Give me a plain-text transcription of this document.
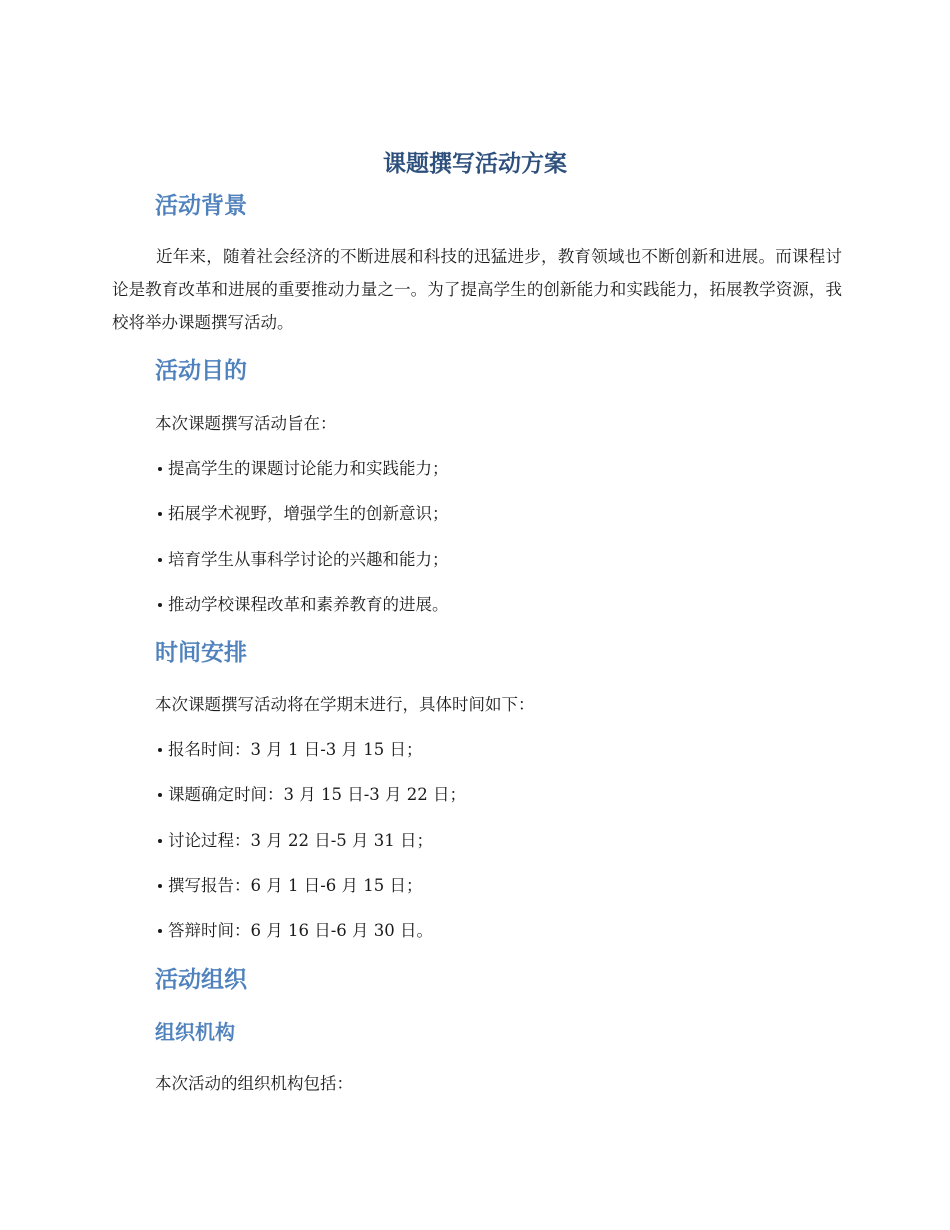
课题撰写活动方案
活动背景

近年来，随着社会经济的不断进展和科技的迅猛进步，教育领域也不断创新和进展。而课程讨论是教育改革和进展的重要推动力量之一。为了提高学生的创新能力和实践能力，拓展教学资源，我校将举办课题撰写活动。

活动目的

本次课题撰写活动旨在：

提高学生的课题讨论能力和实践能力；

拓展学术视野，增强学生的创新意识；

培育学生从事科学讨论的兴趣和能力；

推动学校课程改革和素养教育的进展。

时间安排

本次课题撰写活动将在学期末进行，具体时间如下：

报名时间：3 月 1 日-3 月 15 日；

课题确定时间：3 月 15 日-3 月 22 日；

讨论过程：3 月 22 日-5 月 31 日；

撰写报告：6 月 1 日-6 月 15 日；

答辩时间：6 月 16 日-6 月 30 日。

活动组织
组织机构

本次活动的组织机构包括：
